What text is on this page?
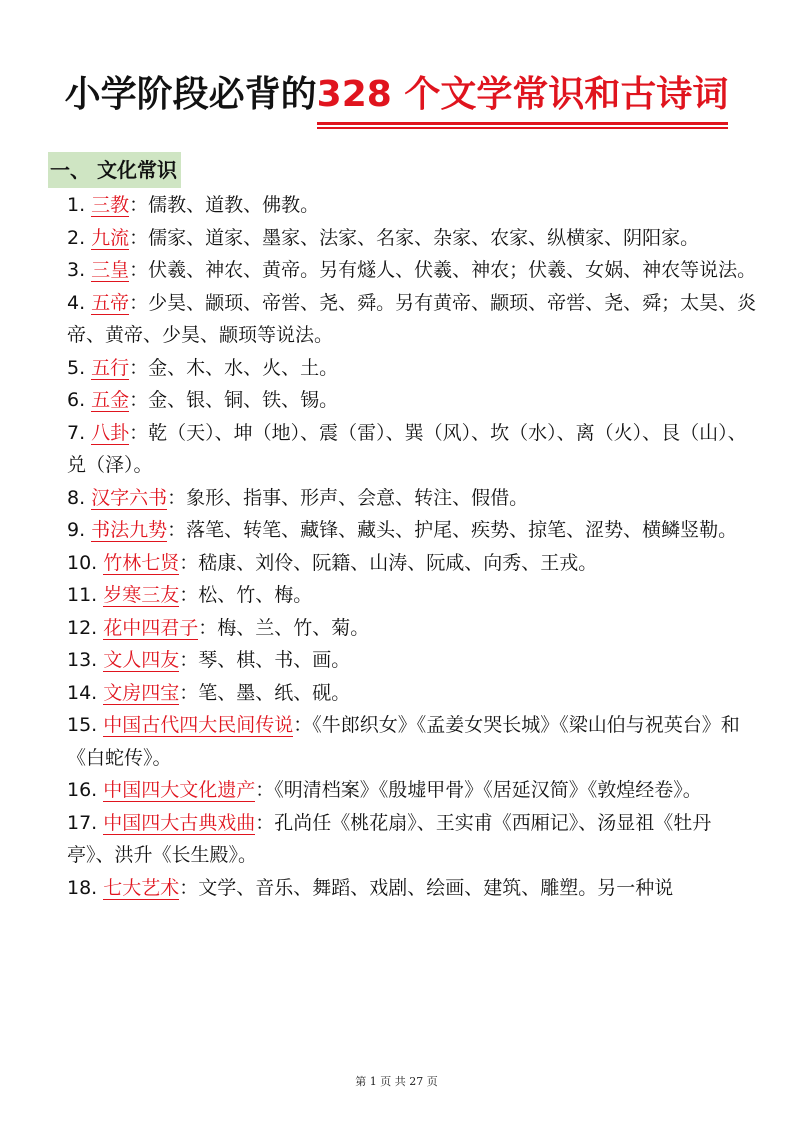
小学阶段必背的328 个文学常识和古诗词
一、 文化常识

1. 三教：儒教、道教、佛教。

2. 九流：儒家、道家、墨家、法家、名家、杂家、农家、纵横家、阴阳家。

3. 三皇：伏羲、神农、黄帝。另有燧人、伏羲、神农；伏羲、女娲、神农等说法。

4. 五帝：少昊、颛顼、帝喾、尧、舜。另有黄帝、颛顼、帝喾、尧、舜；太昊、炎帝、黄帝、少昊、颛顼等说法。

5. 五行：金、木、水、火、土。

6. 五金：金、银、铜、铁、锡。

7. 八卦：乾（天）、坤（地）、震（雷）、巽（风）、坎（水）、离（火）、艮（山）、兑（泽）。

8. 汉字六书：象形、指事、形声、会意、转注、假借。

9. 书法九势：落笔、转笔、藏锋、藏头、护尾、疾势、掠笔、涩势、横鳞竖勒。

10. 竹林七贤：嵇康、刘伶、阮籍、山涛、阮咸、向秀、王戎。

11. 岁寒三友：松、竹、梅。

12. 花中四君子：梅、兰、竹、菊。

13. 文人四友：琴、棋、书、画。

14. 文房四宝：笔、墨、纸、砚。

15. 中国古代四大民间传说：《牛郎织女》《孟姜女哭长城》《梁山伯与祝英台》和《白蛇传》。

16. 中国四大文化遗产：《明清档案》《殷墟甲骨》《居延汉简》《敦煌经卷》。

17. 中国四大古典戏曲：孔尚任《桃花扇》、王实甫《西厢记》、汤显祖《牡丹亭》、洪升《长生殿》。

18. 七大艺术：文学、音乐、舞蹈、戏剧、绘画、建筑、雕塑。另一种说

第 1 页 共 27 页
